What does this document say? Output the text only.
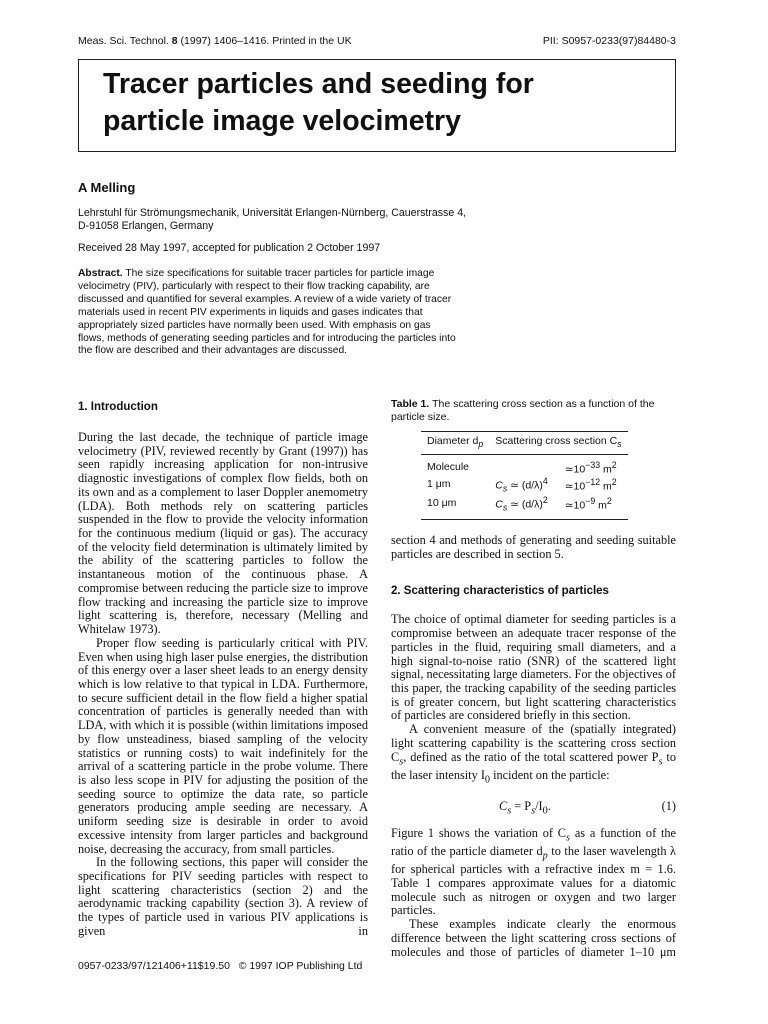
Meas. Sci. Technol. 8 (1997) 1406–1416. Printed in the UK	PII: S0957-0233(97)84480-3
Tracer particles and seeding for
particle image velocimetry
A Melling
Lehrstuhl für Strömungsmechanik, Universität Erlangen-Nürnberg, Cauerstrasse 4,
D-91058 Erlangen, Germany
Received 28 May 1997, accepted for publication 2 October 1997
Abstract. The size specifications for suitable tracer particles for particle image
velocimetry (PIV), particularly with respect to their flow tracking capability, are
discussed and quantified for several examples. A review of a wide variety of tracer
materials used in recent PIV experiments in liquids and gases indicates that
appropriately sized particles have normally been used. With emphasis on gas
flows, methods of generating seeding particles and for introducing the particles into
the flow are described and their advantages are discussed.
1. Introduction

During the last decade, the technique of particle image velocimetry (PIV, reviewed recently by Grant (1997)) has seen rapidly increasing application for non-intrusive diagnostic investigations of complex flow fields, both on its own and as a complement to laser Doppler anemometry (LDA). Both methods rely on scattering particles suspended in the flow to provide the velocity information for the continuous medium (liquid or gas). The accuracy of the velocity field determination is ultimately limited by the ability of the scattering particles to follow the instantaneous motion of the continuous phase. A compromise between reducing the particle size to improve flow tracking and increasing the particle size to improve light scattering is, therefore, necessary (Melling and Whitelaw 1973).

Proper flow seeding is particularly critical with PIV. Even when using high laser pulse energies, the distribution of this energy over a laser sheet leads to an energy density which is low relative to that typical in LDA. Furthermore, to secure sufficient detail in the flow field a higher spatial concentration of particles is generally needed than with LDA, with which it is possible (within limitations imposed by flow unsteadiness, biased sampling of the velocity statistics or running costs) to wait indefinitely for the arrival of a scattering particle in the probe volume. There is also less scope in PIV for adjusting the position of the seeding source to optimize the data rate, so particle generators producing ample seeding are necessary. A uniform seeding size is desirable in order to avoid excessive intensity from larger particles and background noise, decreasing the accuracy, from small particles.

In the following sections, this paper will consider the specifications for PIV seeding particles with respect to light scattering characteristics (section 2) and the aerodynamic tracking capability (section 3). A review of the types of particle used in various PIV applications is given in

Table 1. The scattering cross section as a function of the particle size.
Diameter $d_p$	Scattering cross section $C_s$

Molecule		$≃10^{-33}$ $m^2$
1 μm	$C_s$ ≃ $(d/\lambda)^4$	$≃10^{-12}$ $m^2$
10 μm	$C_s$ ≃ $(d/\lambda)^2$	$≃10^{-9}$ $m^2$

section 4 and methods of generating and seeding suitable particles are described in section 5.

2. Scattering characteristics of particles

The choice of optimal diameter for seeding particles is a compromise between an adequate tracer response of the particles in the fluid, requiring small diameters, and a high signal-to-noise ratio (SNR) of the scattered light signal, necessitating large diameters. For the objectives of this paper, the tracking capability of the seeding particles is of greater concern, but light scattering characteristics of particles are considered briefly in this section.

A convenient measure of the (spatially integrated) light scattering capability is the scattering cross section $C_s$, defined as the ratio of the total scattered power $P_s$ to the laser intensity $I_0$ incident on the particle:

$C_s = P_s/I_0$.	(1)

Figure 1 shows the variation of $C_s$ as a function of the ratio of the particle diameter $d_p$ to the laser wavelength λ for spherical particles with a refractive index m = 1.6. Table 1 compares approximate values for a diatomic molecule such as nitrogen or oxygen and two larger particles.

These examples indicate clearly the enormous difference between the light scattering cross sections of molecules and those of particles of diameter 1–10 μm

0957-0233/97/121406+11$19.50 © 1997 IOP Publishing Ltd
